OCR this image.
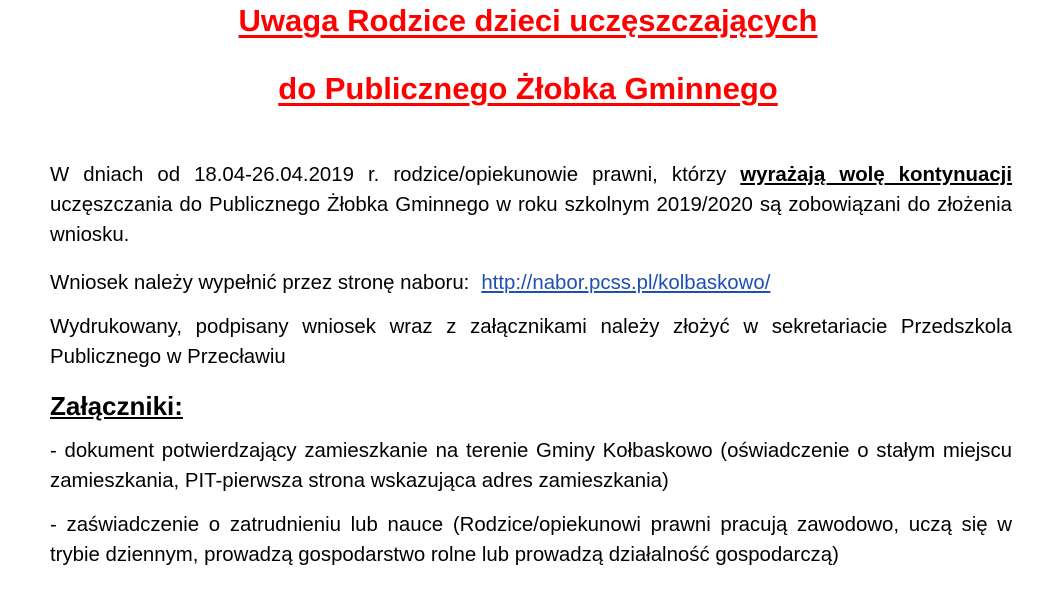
Uwaga Rodzice dzieci uczęszczających

do Publicznego Żłobka Gminnego

W dniach od 18.04-26.04.2019 r. rodzice/opiekunowie prawni, którzy wyrażają wolę kontynuacji uczęszczania do Publicznego Żłobka Gminnego w roku szkolnym 2019/2020 są zobowiązani do złożenia wniosku.

Wniosek należy wypełnić przez stronę naboru: http://nabor.pcss.pl/kolbaskowo/

Wydrukowany, podpisany wniosek wraz z załącznikami należy złożyć w sekretariacie Przedszkola Publicznego w Przecławiu

Załączniki:

- dokument potwierdzający zamieszkanie na terenie Gminy Kołbaskowo (oświadczenie o stałym miejscu zamieszkania, PIT-pierwsza strona wskazująca adres zamieszkania)

- zaświadczenie o zatrudnieniu lub nauce (Rodzice/opiekunowi prawni pracują zawodowo, uczą się w trybie dziennym, prowadzą gospodarstwo rolne lub prowadzą działalność gospodarczą)
